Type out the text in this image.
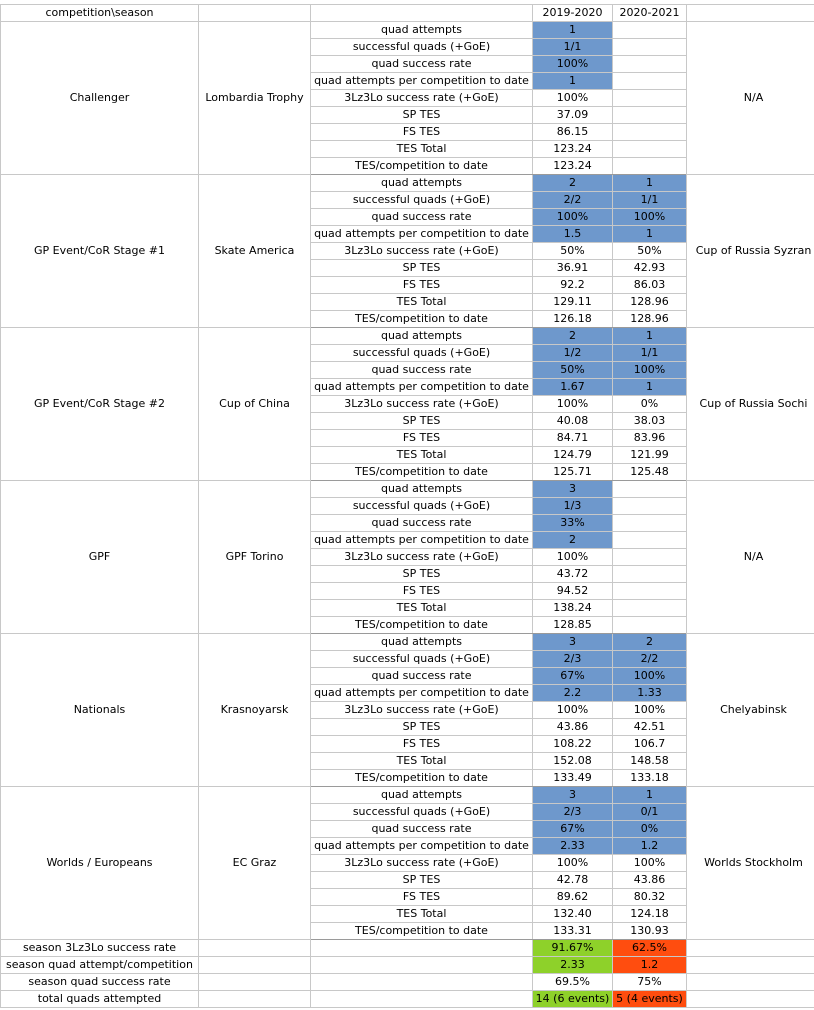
competition\season			2019-2020	2020-2021	
Challenger	Lombardia Trophy	quad attempts	1		N/A
		successful quads (+GoE)	1/1		
		quad success rate	100%		
		quad attempts per competition to date	1		
		3Lz3Lo success rate (+GoE)	100%		
		SP TES	37.09		
		FS TES	86.15		
		TES Total	123.24		
		TES/competition to date	123.24		
GP Event/CoR Stage #1	Skate America	quad attempts	2	1	Cup of Russia Syzran
		successful quads (+GoE)	2/2	1/1	
		quad success rate	100%	100%	
		quad attempts per competition to date	1.5	1	
		3Lz3Lo success rate (+GoE)	50%	50%	
		SP TES	36.91	42.93	
		FS TES	92.2	86.03	
		TES Total	129.11	128.96	
		TES/competition to date	126.18	128.96	
GP Event/CoR Stage #2	Cup of China	quad attempts	2	1	Cup of Russia Sochi
		successful quads (+GoE)	1/2	1/1	
		quad success rate	50%	100%	
		quad attempts per competition to date	1.67	1	
		3Lz3Lo success rate (+GoE)	100%	0%	
		SP TES	40.08	38.03	
		FS TES	84.71	83.96	
		TES Total	124.79	121.99	
		TES/competition to date	125.71	125.48	
GPF	GPF Torino	quad attempts	3		N/A
		successful quads (+GoE)	1/3		
		quad success rate	33%		
		quad attempts per competition to date	2		
		3Lz3Lo success rate (+GoE)	100%		
		SP TES	43.72		
		FS TES	94.52		
		TES Total	138.24		
		TES/competition to date	128.85		
Nationals	Krasnoyarsk	quad attempts	3	2	Chelyabinsk
		successful quads (+GoE)	2/3	2/2	
		quad success rate	67%	100%	
		quad attempts per competition to date	2.2	1.33	
		3Lz3Lo success rate (+GoE)	100%	100%	
		SP TES	43.86	42.51	
		FS TES	108.22	106.7	
		TES Total	152.08	148.58	
		TES/competition to date	133.49	133.18	
Worlds / Europeans	EC Graz	quad attempts	3	1	Worlds Stockholm
		successful quads (+GoE)	2/3	0/1	
		quad success rate	67%	0%	
		quad attempts per competition to date	2.33	1.2	
		3Lz3Lo success rate (+GoE)	100%	100%	
		SP TES	42.78	43.86	
		FS TES	89.62	80.32	
		TES Total	132.40	124.18	
		TES/competition to date	133.31	130.93	
season 3Lz3Lo success rate			91.67%	62.5%	
season quad attempt/competition			2.33	1.2	
season quad success rate			69.5%	75%	
total quads attempted			14 (6 events)	5 (4 events)	
